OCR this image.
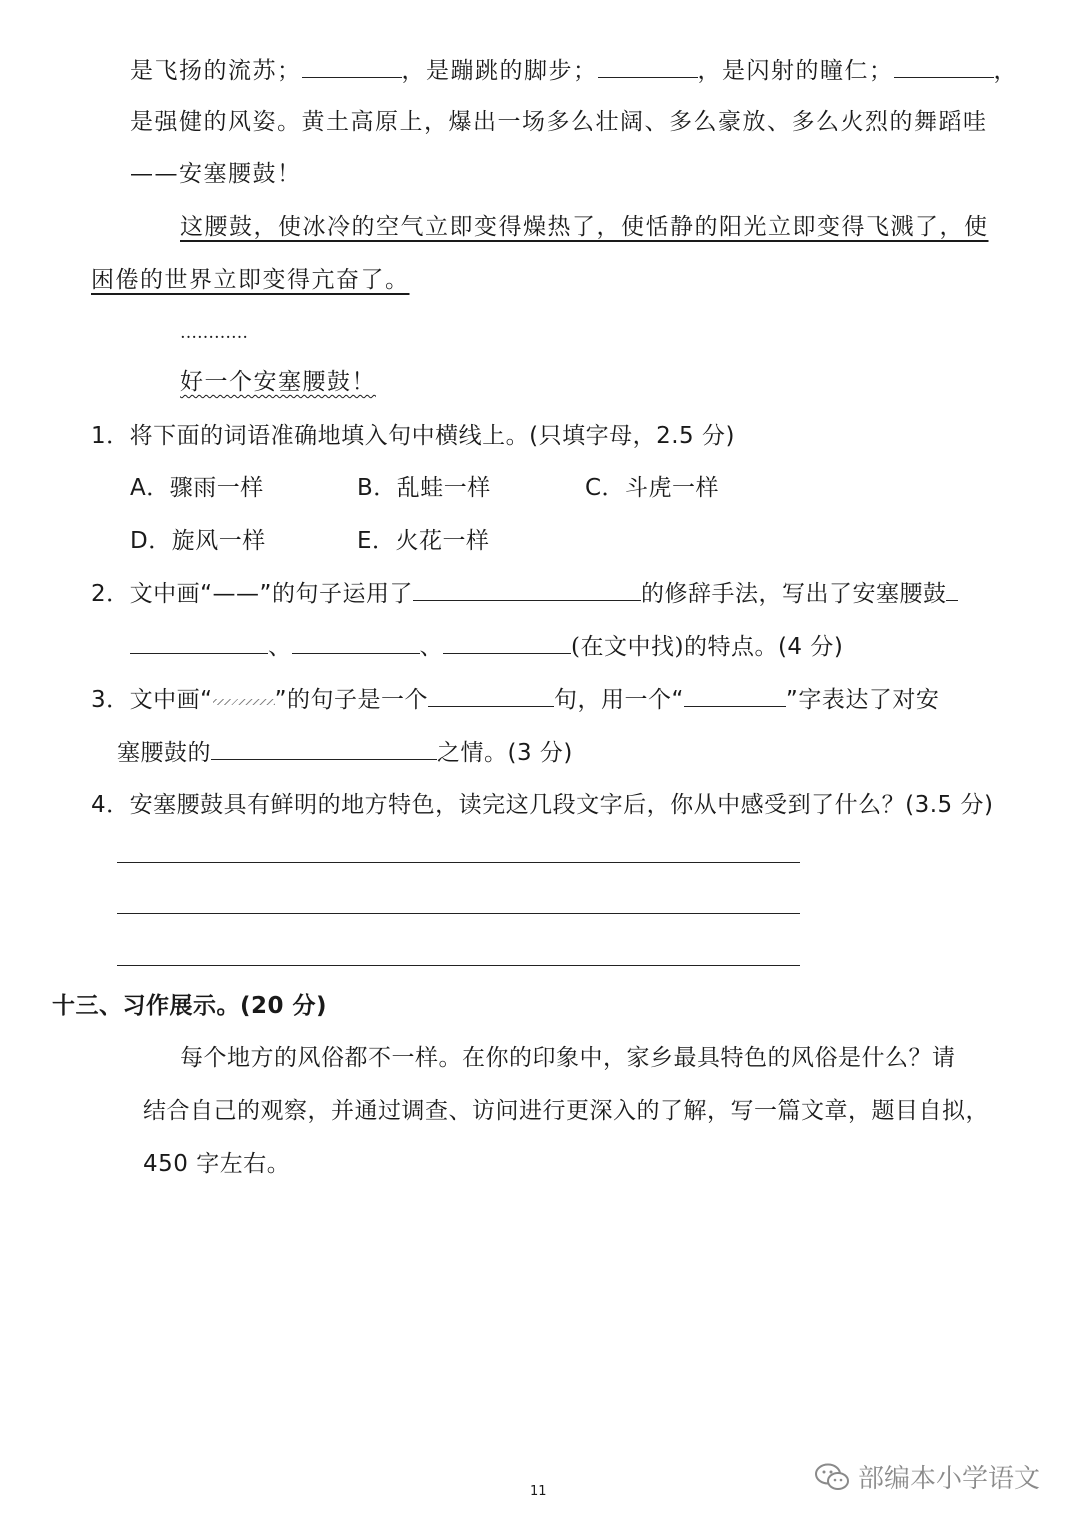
是飞扬的流苏；	，是蹦跳的脚步；	，是闪射的瞳仁；	，
是强健的风姿。黄土高原上，爆出一场多么壮阔、多么豪放、多么火烈的舞蹈哇
——安塞腰鼓！
这腰鼓，使冰冷的空气立即变得燥热了，使恬静的阳光立即变得飞溅了，使
困倦的世界立即变得亢奋了。
…………
好一个安塞腰鼓！
1．将下面的词语准确地填入句中横线上。(只填字母，2.5 分)
A．骤雨一样	B．乱蛙一样	C．斗虎一样
D．旋风一样	E．火花一样
2．文中画“——”的句子运用了	的修辞手法，写出了安塞腰鼓
、	、	(在文中找)的特点。(4 分)
3．文中画“	”的句子是一个	句，用一个“	”字表达了对安
塞腰鼓的	之情。(3 分)
4．安塞腰鼓具有鲜明的地方特色，读完这几段文字后，你从中感受到了什么？(3.5 分)
十三、习作展示。(20 分)
每个地方的风俗都不一样。在你的印象中，家乡最具特色的风俗是什么？请
结合自己的观察，并通过调查、访问进行更深入的了解，写一篇文章，题目自拟，
450 字左右。
11	部编本小学语文
